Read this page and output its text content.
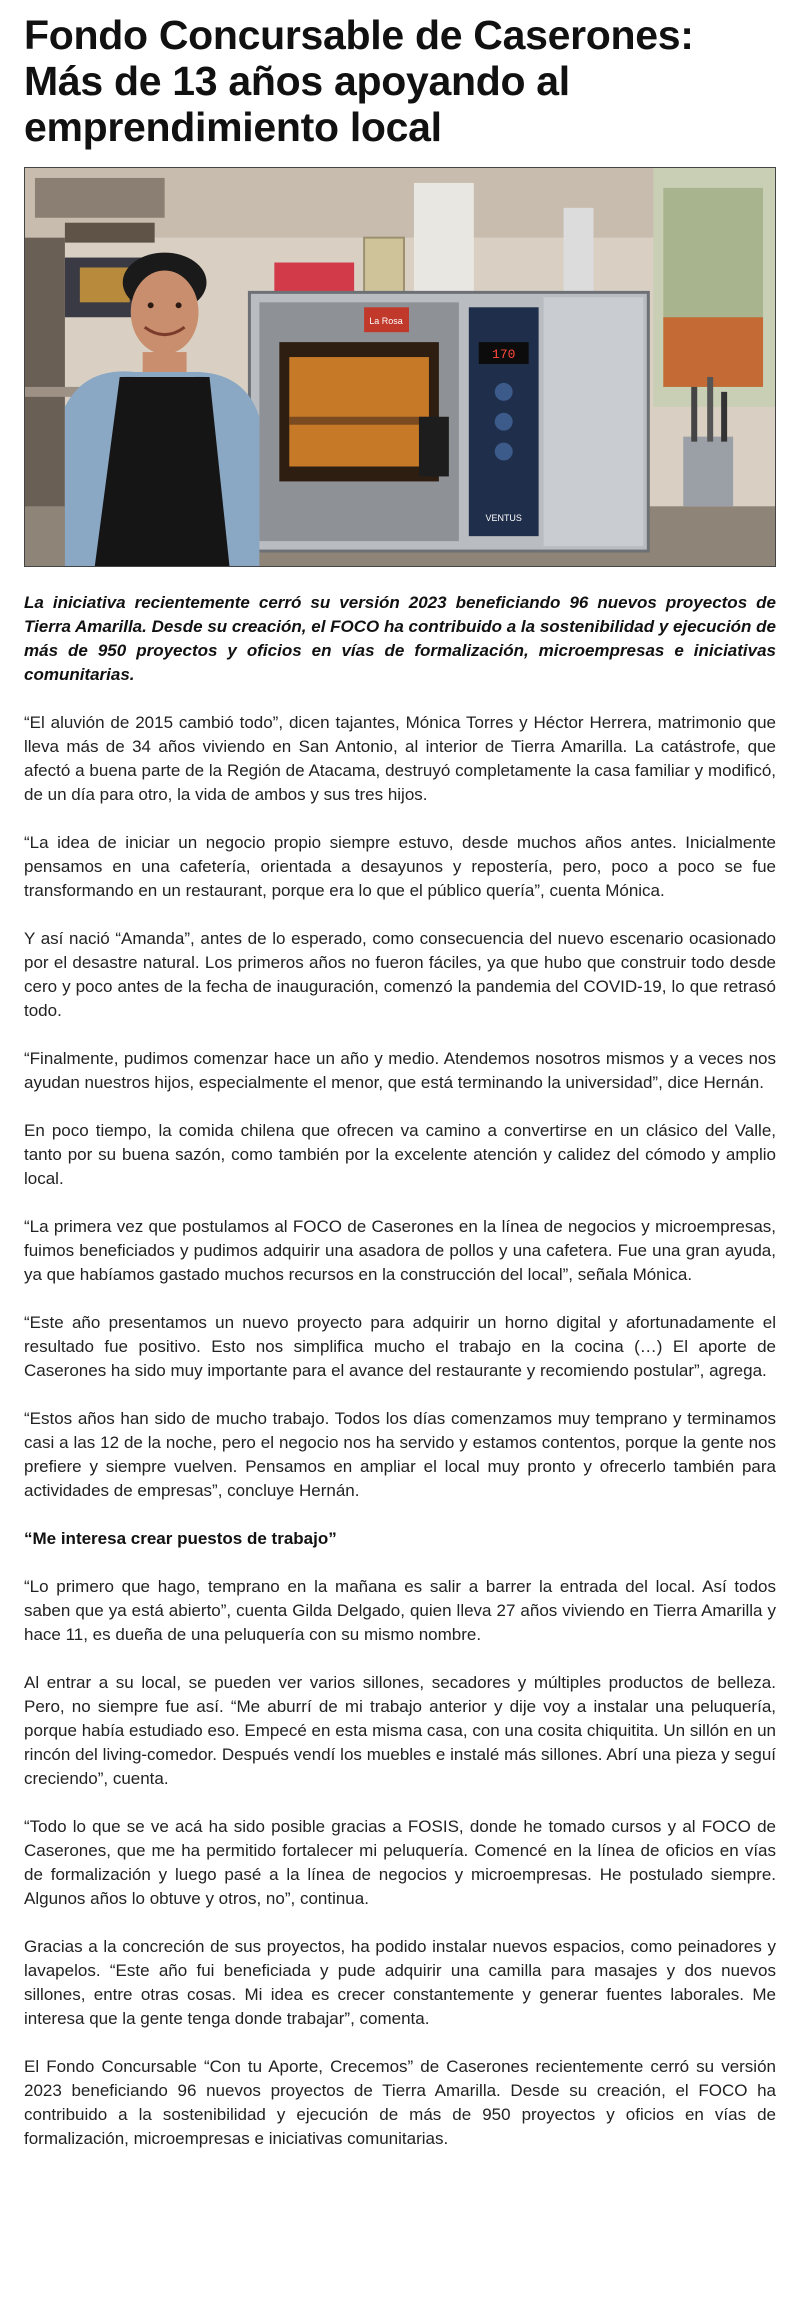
Fondo Concursable de Caserones: Más de 13 años apoyando al emprendimiento local
La Rosa
170
VENTUS

La iniciativa recientemente cerró su versión 2023 beneficiando 96 nuevos proyectos de Tierra Amarilla. Desde su creación, el FOCO ha contribuido a la sostenibilidad y ejecución de más de 950 proyectos y oficios en vías de formalización, microempresas e iniciativas comunitarias.

“El aluvión de 2015 cambió todo”, dicen tajantes, Mónica Torres y Héctor Herrera, matrimonio que lleva más de 34 años viviendo en San Antonio, al interior de Tierra Amarilla. La catástrofe, que afectó a buena parte de la Región de Atacama, destruyó completamente la casa familiar y modificó, de un día para otro, la vida de ambos y sus tres hijos.

“La idea de iniciar un negocio propio siempre estuvo, desde muchos años antes. Inicialmente pensamos en una cafetería, orientada a desayunos y repostería, pero, poco a poco se fue transformando en un restaurant, porque era lo que el público quería”, cuenta Mónica.

Y así nació “Amanda”, antes de lo esperado, como consecuencia del nuevo escenario ocasionado por el desastre natural. Los primeros años no fueron fáciles, ya que hubo que construir todo desde cero y poco antes de la fecha de inauguración, comenzó la pandemia del COVID-19, lo que retrasó todo.

“Finalmente, pudimos comenzar hace un año y medio. Atendemos nosotros mismos y a veces nos ayudan nuestros hijos, especialmente el menor, que está terminando la universidad”, dice Hernán.

En poco tiempo, la comida chilena que ofrecen va camino a convertirse en un clásico del Valle, tanto por su buena sazón, como también por la excelente atención y calidez del cómodo y amplio local.

“La primera vez que postulamos al FOCO de Caserones en la línea de negocios y microempresas, fuimos beneficiados y pudimos adquirir una asadora de pollos y una cafetera. Fue una gran ayuda, ya que habíamos gastado muchos recursos en la construcción del local”, señala Mónica.

“Este año presentamos un nuevo proyecto para adquirir un horno digital y afortunadamente el resultado fue positivo. Esto nos simplifica mucho el trabajo en la cocina (…) El aporte de Caserones ha sido muy importante para el avance del restaurante y recomiendo postular”, agrega.

“Estos años han sido de mucho trabajo. Todos los días comenzamos muy temprano y terminamos casi a las 12 de la noche, pero el negocio nos ha servido y estamos contentos, porque la gente nos prefiere y siempre vuelven. Pensamos en ampliar el local muy pronto y ofrecerlo también para actividades de empresas”, concluye Hernán.

“Me interesa crear puestos de trabajo”

“Lo primero que hago, temprano en la mañana es salir a barrer la entrada del local. Así todos saben que ya está abierto”, cuenta Gilda Delgado, quien lleva 27 años viviendo en Tierra Amarilla y hace 11, es dueña de una peluquería con su mismo nombre.

Al entrar a su local, se pueden ver varios sillones, secadores y múltiples productos de belleza. Pero, no siempre fue así. “Me aburrí de mi trabajo anterior y dije voy a instalar una peluquería, porque había estudiado eso. Empecé en esta misma casa, con una cosita chiquitita. Un sillón en un rincón del living-comedor. Después vendí los muebles e instalé más sillones. Abrí una pieza y seguí creciendo”, cuenta.

“Todo lo que se ve acá ha sido posible gracias a FOSIS, donde he tomado cursos y al FOCO de Caserones, que me ha permitido fortalecer mi peluquería. Comencé en la línea de oficios en vías de formalización y luego pasé a la línea de negocios y microempresas. He postulado siempre. Algunos años lo obtuve y otros, no”, continua.

Gracias a la concreción de sus proyectos, ha podido instalar nuevos espacios, como peinadores y lavapelos. “Este año fui beneficiada y pude adquirir una camilla para masajes y dos nuevos sillones, entre otras cosas. Mi idea es crecer constantemente y generar fuentes laborales. Me interesa que la gente tenga donde trabajar”, comenta.

El Fondo Concursable “Con tu Aporte, Crecemos” de Caserones recientemente cerró su versión 2023 beneficiando 96 nuevos proyectos de Tierra Amarilla. Desde su creación, el FOCO ha contribuido a la sostenibilidad y ejecución de más de 950 proyectos y oficios en vías de formalización, microempresas e iniciativas comunitarias.
